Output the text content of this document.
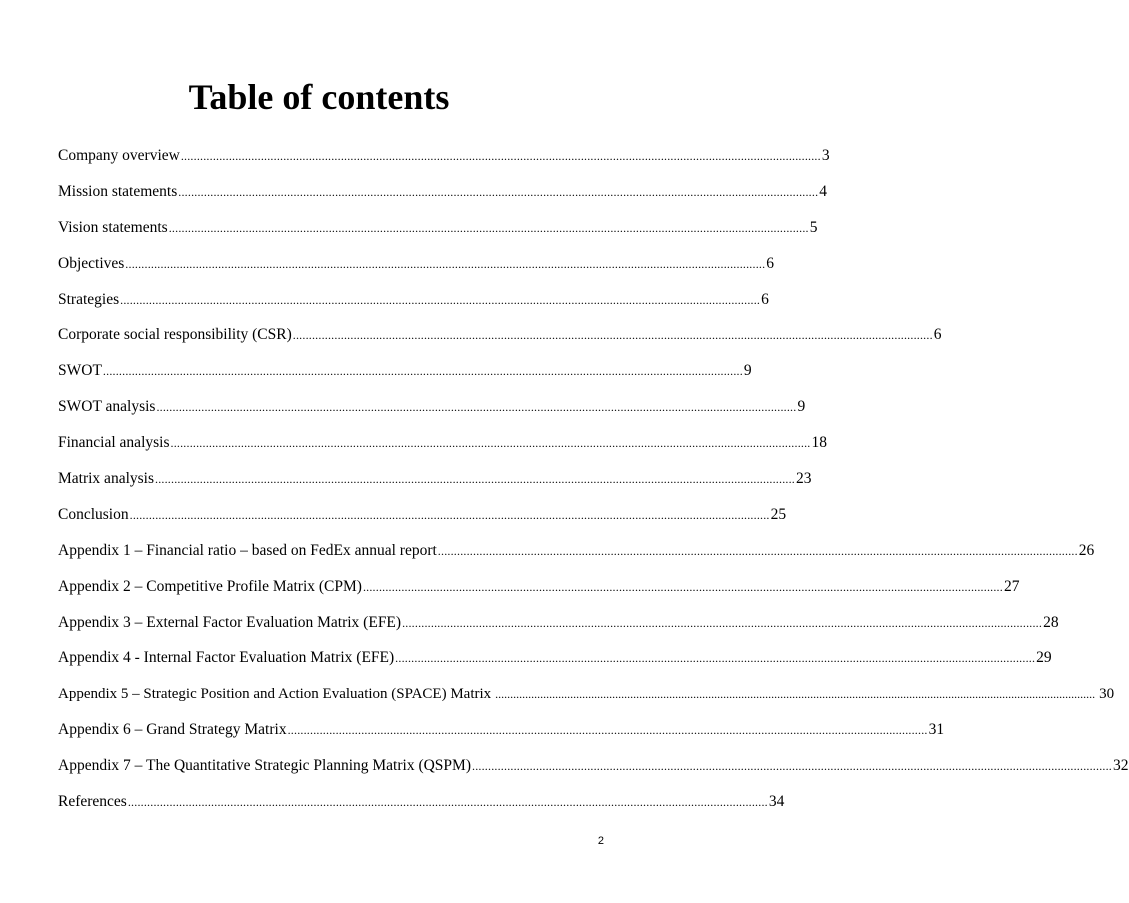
Table of contents
Company overview ........................................................................................................................................................................................................ 3
Mission statements ........................................................................................................................................................................................................ 4
Vision statements ........................................................................................................................................................................................................ 5
Objectives ........................................................................................................................................................................................................ 6
Strategies ........................................................................................................................................................................................................ 6
Corporate social responsibility (CSR) ........................................................................................................................................................................................................ 6
SWOT ........................................................................................................................................................................................................ 9
SWOT analysis ........................................................................................................................................................................................................ 9
Financial analysis ........................................................................................................................................................................................................ 18
Matrix analysis ........................................................................................................................................................................................................ 23
Conclusion ........................................................................................................................................................................................................ 25
Appendix 1 – Financial ratio – based on FedEx annual report ........................................................................................................................................................................................................ 26
Appendix 2 – Competitive Profile Matrix (CPM) ........................................................................................................................................................................................................ 27
Appendix 3 – External Factor Evaluation Matrix (EFE) ........................................................................................................................................................................................................ 28
Appendix 4 - Internal Factor Evaluation Matrix (EFE) ........................................................................................................................................................................................................ 29
Appendix 5 – Strategic Position and Action Evaluation (SPACE) Matrix ........................................................................................................................................................................................................ 30
Appendix 6 – Grand Strategy Matrix ........................................................................................................................................................................................................ 31
Appendix 7 – The Quantitative Strategic Planning Matrix (QSPM) ........................................................................................................................................................................................................ 32
References ........................................................................................................................................................................................................ 34
2
